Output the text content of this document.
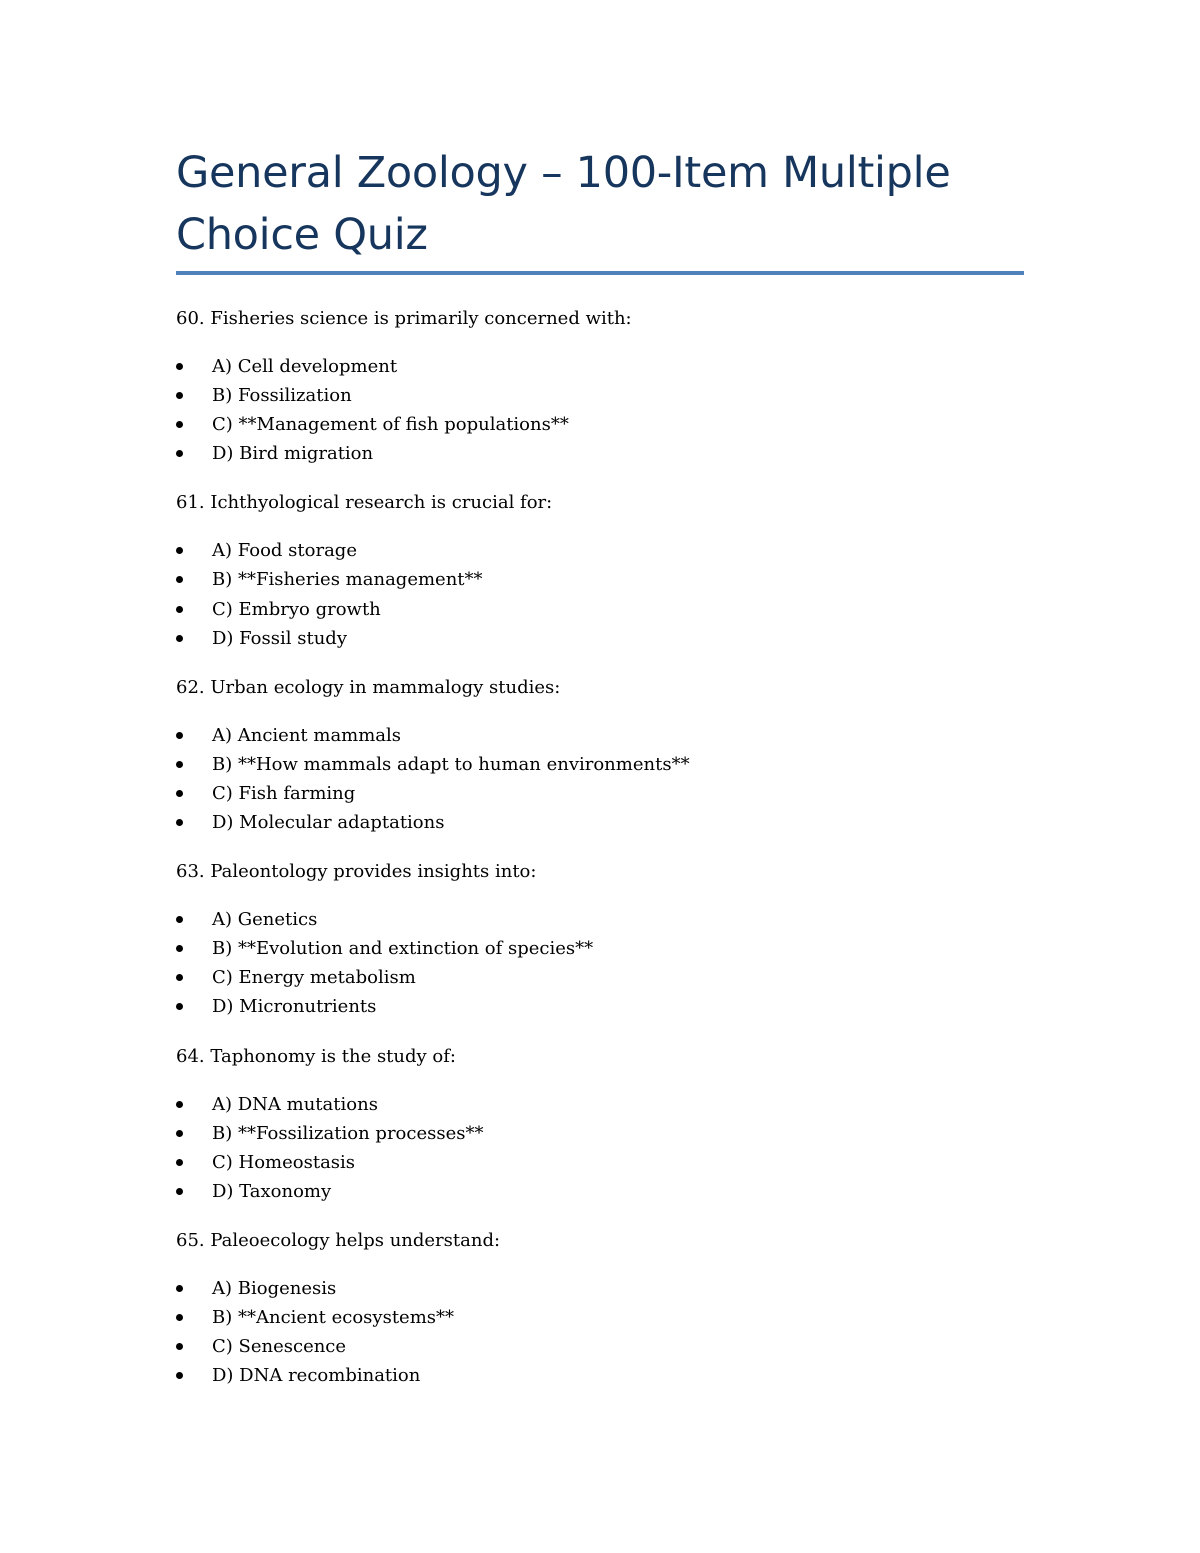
General Zoology – 100-Item Multiple Choice Quiz

60. Fisheries science is primarily concerned with:

A) Cell development
B) Fossilization
C) **Management of fish populations**
D) Bird migration

61. Ichthyological research is crucial for:

A) Food storage
B) **Fisheries management**
C) Embryo growth
D) Fossil study

62. Urban ecology in mammalogy studies:

A) Ancient mammals
B) **How mammals adapt to human environments**
C) Fish farming
D) Molecular adaptations

63. Paleontology provides insights into:

A) Genetics
B) **Evolution and extinction of species**
C) Energy metabolism
D) Micronutrients

64. Taphonomy is the study of:

A) DNA mutations
B) **Fossilization processes**
C) Homeostasis
D) Taxonomy

65. Paleoecology helps understand:

A) Biogenesis
B) **Ancient ecosystems**
C) Senescence
D) DNA recombination
